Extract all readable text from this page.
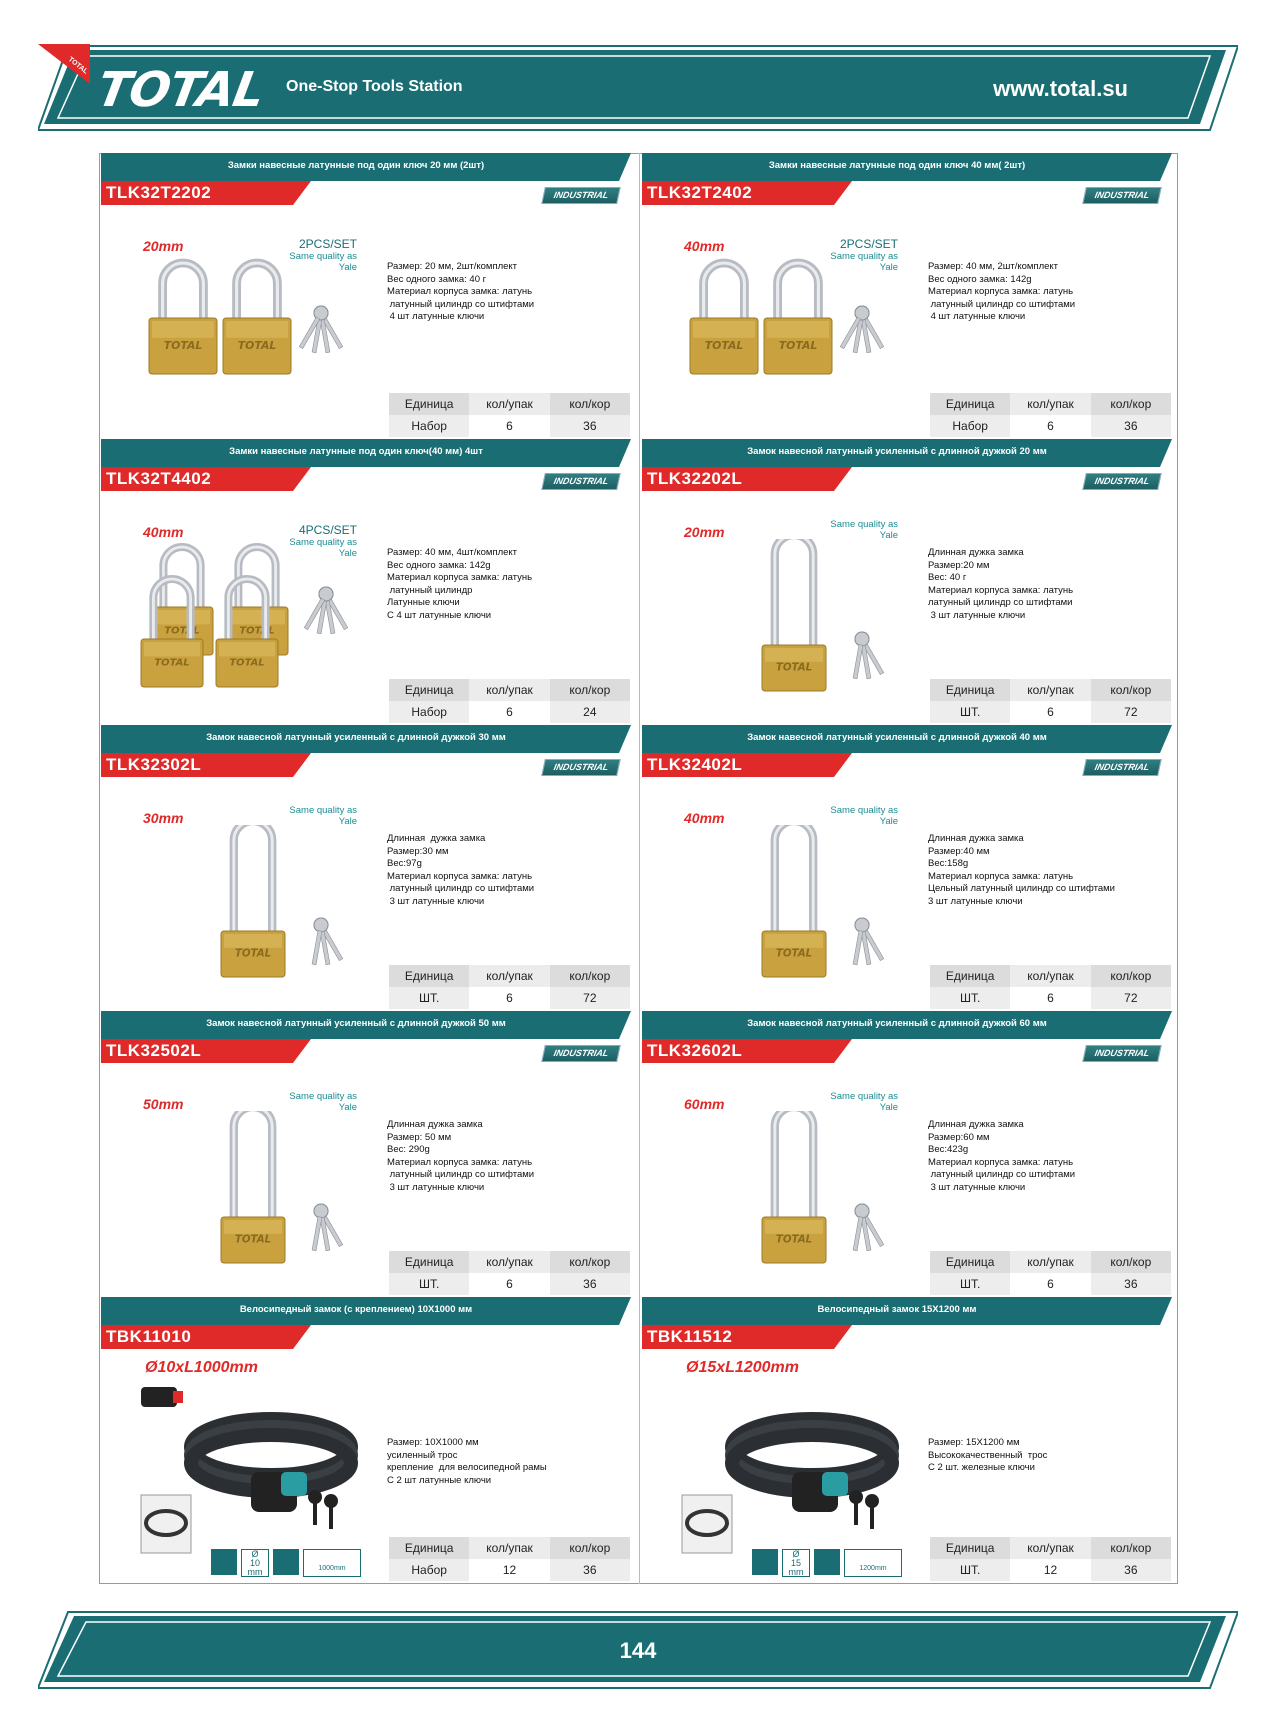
TOTAL One-Stop Tools Station	www.total.su
TOTAL
Замки навесные латунные под один ключ 20 мм (2шт)
TLK32T2202	INDUSTRIAL
20mm	2PCS/SET
Same quality as Yale
TOTAL	TOTAL
Размер: 20 мм, 2шт/комплект
Вес одного замка: 40 г
Материал корпуса замка: латунь
латунный цилиндр со штифтами
4 шт латунные ключи
Единица	кол/упак	кол/кор
Набор	6	36
Замки навесные латунные под один ключ 40 мм( 2шт)
TLK32T2402	INDUSTRIAL
40mm	2PCS/SET
Same quality as Yale
TOTAL	TOTAL
Размер: 40 мм, 2шт/комплект
Вес одного замка: 142g
Материал корпуса замка: латунь
латунный цилиндр со штифтами
4 шт латунные ключи
Единица	кол/упак	кол/кор
Набор	6	36
Замки навесные латунные под один ключ(40 мм) 4шт
TLK32T4402	INDUSTRIAL
40mm	4PCS/SET
Same quality as Yale
TOTAL	TOTAL
TOTAL	TOTAL
Размер: 40 мм, 4шт/комплект
Вес одного замка: 142g
Материал корпуса замка: латунь
латунный цилиндр
Латунные ключи
С 4 шт латунные ключи
Единица	кол/упак	кол/кор
Набор	6	24
Замок навесной латунный усиленный с длинной дужкой 20 мм
TLK32202L	INDUSTRIAL
20mm	Same quality as Yale
TOTAL
Длинная дужка замка
Размер:20 мм
Вес: 40 г
Материал корпуса замка: латунь
латунный цилиндр со штифтами
3 шт латунные ключи
Единица	кол/упак	кол/кор
ШТ.	6	72
Замок навесной латунный усиленный с длинной дужкой 30 мм
TLK32302L	INDUSTRIAL
30mm	Same quality as Yale
TOTAL
Длинная  дужка замка
Размер:30 мм
Вес:97g
Материал корпуса замка: латунь
латунный цилиндр со штифтами
3 шт латунные ключи
Единица	кол/упак	кол/кор
ШТ.	6	72
Замок навесной латунный усиленный с длинной дужкой 40 мм
TLK32402L	INDUSTRIAL
40mm	Same quality as Yale
TOTAL
Длинная дужка замка
Размер:40 мм
Вес:158g
Материал корпуса замка: латунь
Цельный латунный цилиндр со штифтами
3 шт латунные ключи
Единица	кол/упак	кол/кор
ШТ.	6	72
Замок навесной латунный усиленный с длинной дужкой 50 мм
TLK32502L	INDUSTRIAL
50mm	Same quality as Yale
TOTAL
Длинная дужка замка
Размер: 50 мм
Вес: 290g
Материал корпуса замка: латунь
латунный цилиндр со штифтами
3 шт латунные ключи
Единица	кол/упак	кол/кор
ШТ.	6	36
Замок навесной латунный усиленный с длинной дужкой 60 мм
TLK32602L	INDUSTRIAL
60mm	Same quality as Yale
TOTAL
Длинная дужка замка
Размер:60 мм
Вес:423g
Материал корпуса замка: латунь
латунный цилиндр со штифтами
3 шт латунные ключи
Единица	кол/упак	кол/кор
ШТ.	6	36
Велосипедный замок (с креплением) 10X1000 мм
TBK11010
Ø10xL1000mm
Ø
10
mm	1000mm
Размер: 10X1000 мм
усиленный трос
крепление  для велосипедной рамы
С 2 шт латунные ключи
Единица	кол/упак	кол/кор
Набор	12	36
Велосипедный замок 15X1200 мм
TBK11512
Ø15xL1200mm
Ø
15
mm	1200mm
Размер: 15X1200 мм
Высококачественный  трос
С 2 шт. железные ключи
Единица	кол/упак	кол/кор
ШТ.	12	36
144
